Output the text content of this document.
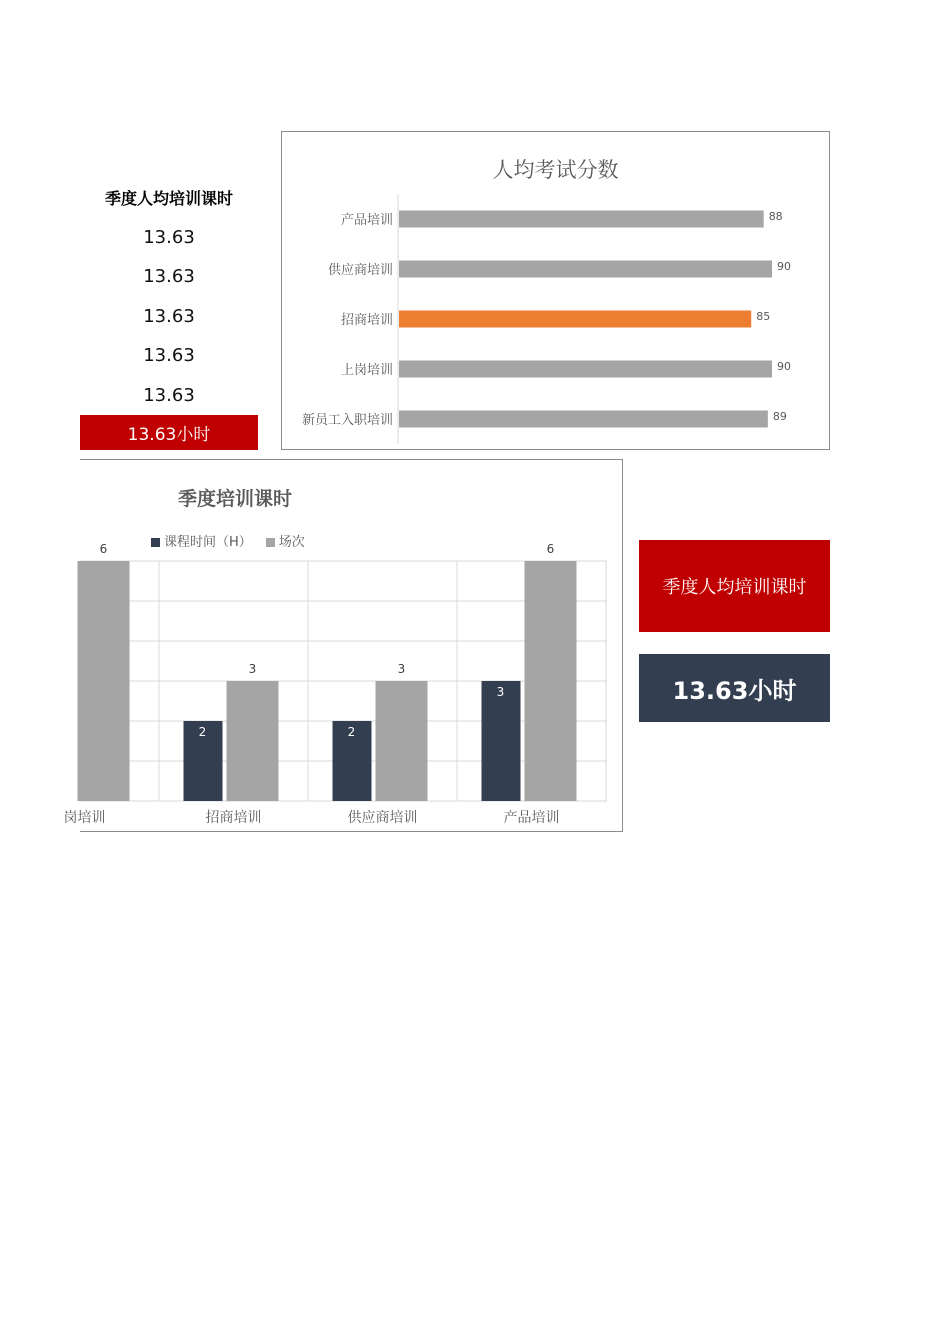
季度人均培训课时
13.63
13.63
13.63
13.63
13.63
13.63小时
人均考试分数
产品培训	88
供应商培训	90
招商培训	85
上岗培训	90
新员工入职培训	89
季度培训课时
课程时间（H）	场次
6
岗培训
2
3
招商培训
2
3
供应商培训
3
6
产品培训
季度人均培训课时
13.63小时
